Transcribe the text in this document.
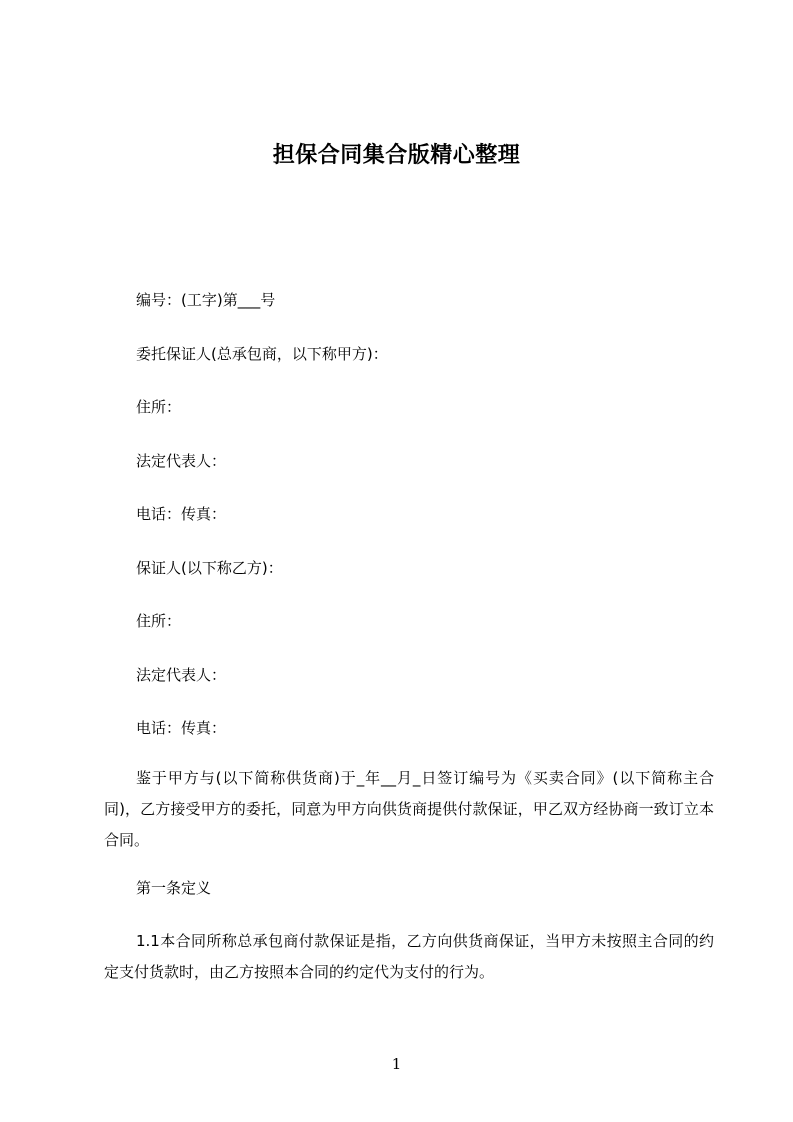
担保合同集合版精心整理
编号：(工字)第___号
委托保证人(总承包商，以下称甲方)：
住所：
法定代表人：
电话：传真：
保证人(以下称乙方)：
住所：
法定代表人：
电话：传真：
鉴于甲方与(以下简称供货商)于_年__月_日签订编号为《买卖合同》(以下简称主合同)，乙方接受甲方的委托，同意为甲方向供货商提供付款保证，甲乙双方经协商一致订立本合同。
第一条定义
1.1本合同所称总承包商付款保证是指，乙方向供货商保证，当甲方未按照主合同的约定支付货款时，由乙方按照本合同的约定代为支付的行为。
1
